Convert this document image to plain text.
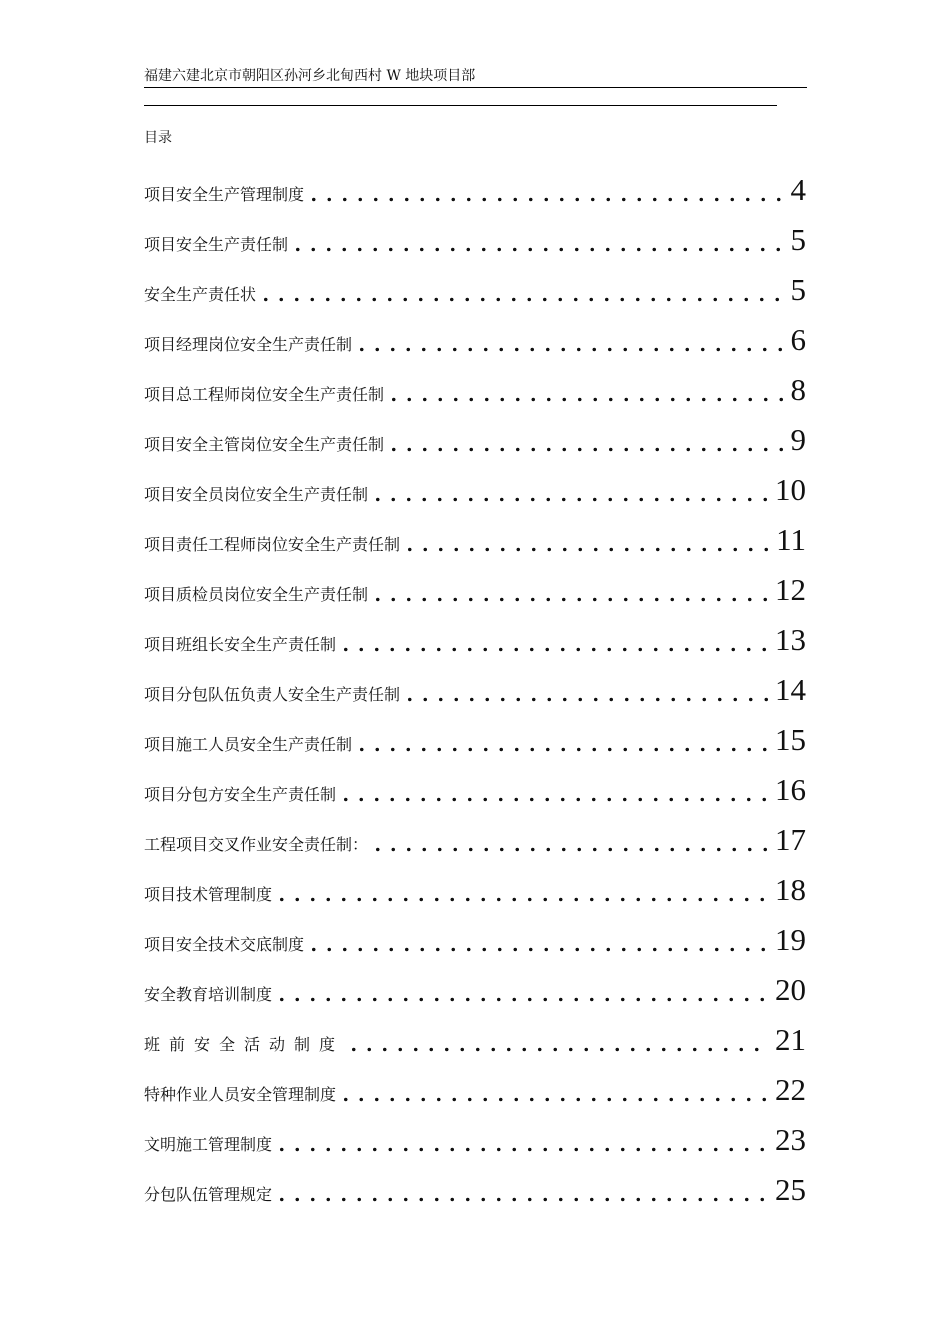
福建六建北京市朝阳区孙河乡北甸西村 W 地块项目部
目录
项目安全生产管理制度	4
项目安全生产责任制	5
安全生产责任状	5
项目经理岗位安全生产责任制	6
项目总工程师岗位安全生产责任制	8
项目安全主管岗位安全生产责任制	9
项目安全员岗位安全生产责任制	10
项目责任工程师岗位安全生产责任制	11
项目质检员岗位安全生产责任制	12
项目班组长安全生产责任制	13
项目分包队伍负责人安全生产责任制	14
项目施工人员安全生产责任制	15
项目分包方安全生产责任制	16
工程项目交叉作业安全责任制：	17
项目技术管理制度	18
项目安全技术交底制度	19
安全教育培训制度	20
班前安全活动制度	21
特种作业人员安全管理制度	22
文明施工管理制度	23
分包队伍管理规定	25
